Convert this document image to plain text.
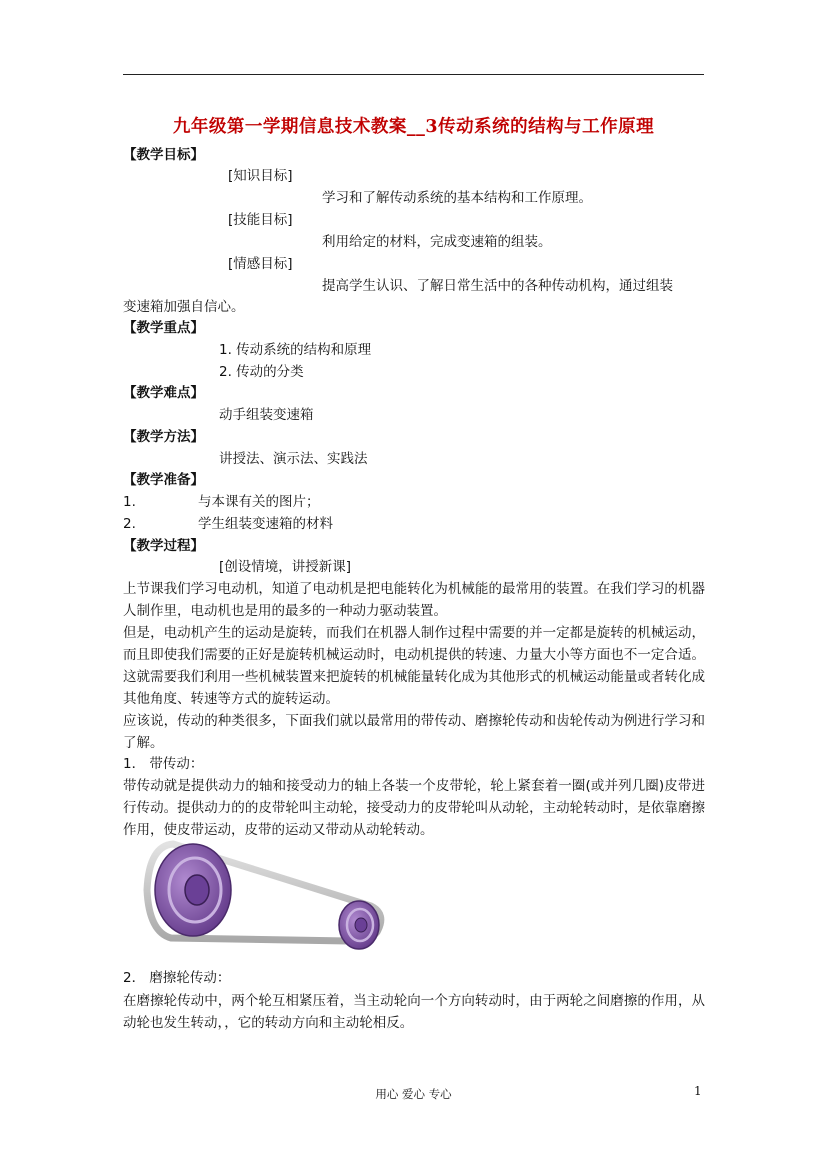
九年级第一学期信息技术教案__3传动系统的结构与工作原理
【教学目标】
[知识目标]
学习和了解传动系统的基本结构和工作原理。
[技能目标]
利用给定的材料，完成变速箱的组装。
[情感目标]
提高学生认识、了解日常生活中的各种传动机构，通过组装
变速箱加强自信心。
【教学重点】
1. 传动系统的结构和原理
2. 传动的分类
【教学难点】
动手组装变速箱
【教学方法】
讲授法、演示法、实践法
【教学准备】
1.	与本课有关的图片；
2.	学生组装变速箱的材料
【教学过程】
[创设情境，讲授新课]
上节课我们学习电动机，知道了电动机是把电能转化为机械能的最常用的装置。在我们学习的机器人制作里，电动机也是用的最多的一种动力驱动装置。
但是，电动机产生的运动是旋转，而我们在机器人制作过程中需要的并一定都是旋转的机械运动，而且即使我们需要的正好是旋转机械运动时，电动机提供的转速、力量大小等方面也不一定合适。这就需要我们利用一些机械装置来把旋转的机械能量转化成为其他形式的机械运动能量或者转化成其他角度、转速等方式的旋转运动。
应该说，传动的种类很多，下面我们就以最常用的带传动、磨擦轮传动和齿轮传动为例进行学习和了解。
1． 带传动：
带传动就是提供动力的轴和接受动力的轴上各装一个皮带轮，轮上紧套着一圈(或并列几圈)皮带进行传动。提供动力的的皮带轮叫主动轮，接受动力的皮带轮叫从动轮，主动轮转动时，是依靠磨擦作用，使皮带运动，皮带的运动又带动从动轮转动。
2． 磨擦轮传动：
在磨擦轮传动中，两个轮互相紧压着，当主动轮向一个方向转动时，由于两轮之间磨擦的作用，从动轮也发生转动，，它的转动方向和主动轮相反。
用心 爱心 专心	1
